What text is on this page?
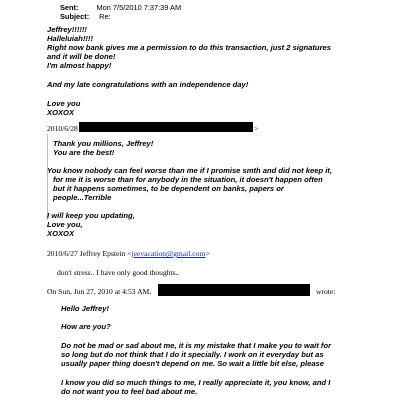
Sent: Mon 7/5/2010 7:37:39 AM
Subject: Re:
Jeffrey!!!!!!
Halleluiah!!!!
Right now bank gives me a permission to do this transaction, just 2 signatures
and it will be done!
I'm almost happy!
And my late congratulations with an independence day!
Love you
XOXOX
2010/6/28	>
Thank you millions, Jeffrey!
You are the best!
You know nobody can feel worse than me if I promise smth and did not keep it,
for me it is worse than for anybody in the situation, it doesn't happen often
but it happens sometimes, to be dependent on banks, papers or
people...Terrible
I will keep you updating,
Love you,
XOXOX
2010/6/27 Jeffrey Epstein <jeevacation@gmail.com>
don't stress.. I have only good thoughts..
On Sun, Jun 27, 2010 at 4:53 AM,	wrote:
Hello Jeffrey!
How are you?
Do not be mad or sad about me, it is my mistake that I make you to wait for
so long but do not think that I do it specially. I work on it everyday but as
usually paper thing doesn't depend on me. So wait a little bit else, please
I know you did so much things to me, I really appreciate it, you know, and I
do not want you to feel bad about me.
